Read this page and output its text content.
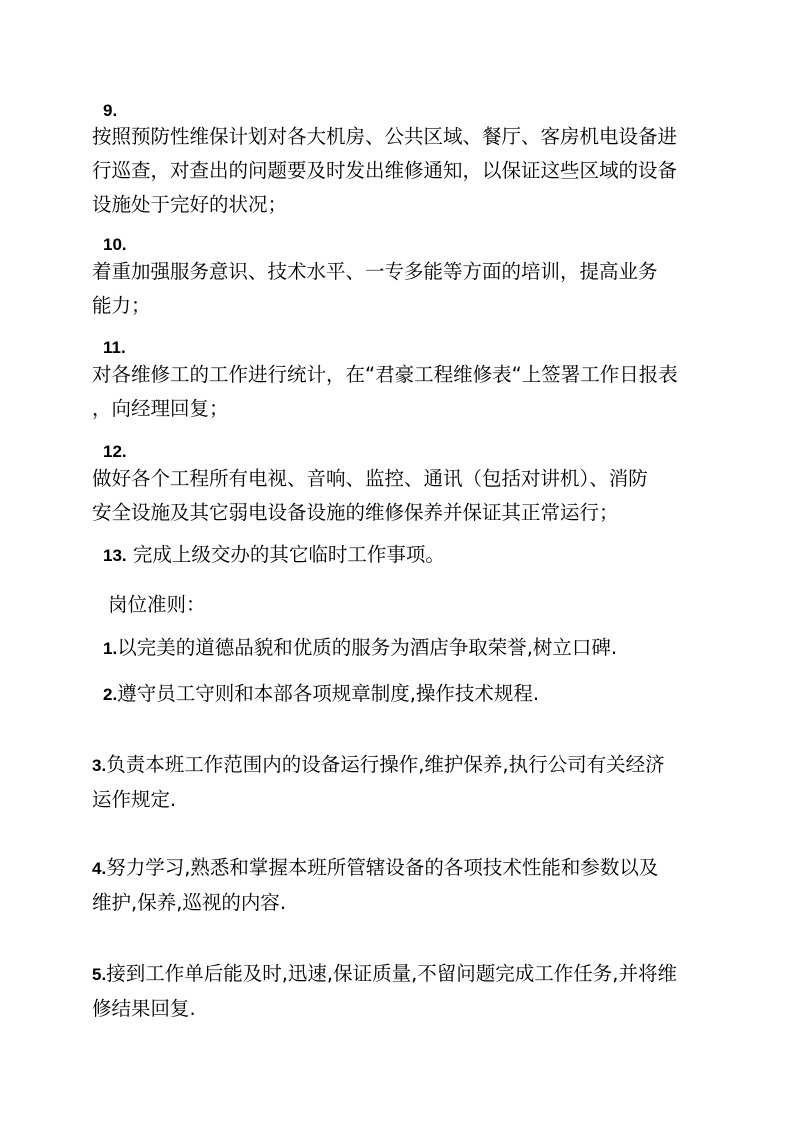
9.
按照预防性维保计划对各大机房、公共区域、餐厅、客房机电设备进
行巡查，对查出的问题要及时发出维修通知，以保证这些区域的设备
设施处于完好的状况；
10.
着重加强服务意识、技术水平、一专多能等方面的培训，提高业务
能力；
11.
对各维修工的工作进行统计，在“君豪工程维修表“上签署工作日报表
，向经理回复；
12.
做好各个工程所有电视、音响、监控、通讯（包括对讲机）、消防
安全设施及其它弱电设备设施的维修保养并保证其正常运行；
13. 完成上级交办的其它临时工作事项。
岗位准则：
1.以完美的道德品貌和优质的服务为酒店争取荣誉,树立口碑.
2.遵守员工守则和本部各项规章制度,操作技术规程.
3.负责本班工作范围内的设备运行操作,维护保养,执行公司有关经济
运作规定.
4.努力学习,熟悉和掌握本班所管辖设备的各项技术性能和参数以及
维护,保养,巡视的内容.
5.接到工作单后能及时,迅速,保证质量,不留问题完成工作任务,并将维
修结果回复.
